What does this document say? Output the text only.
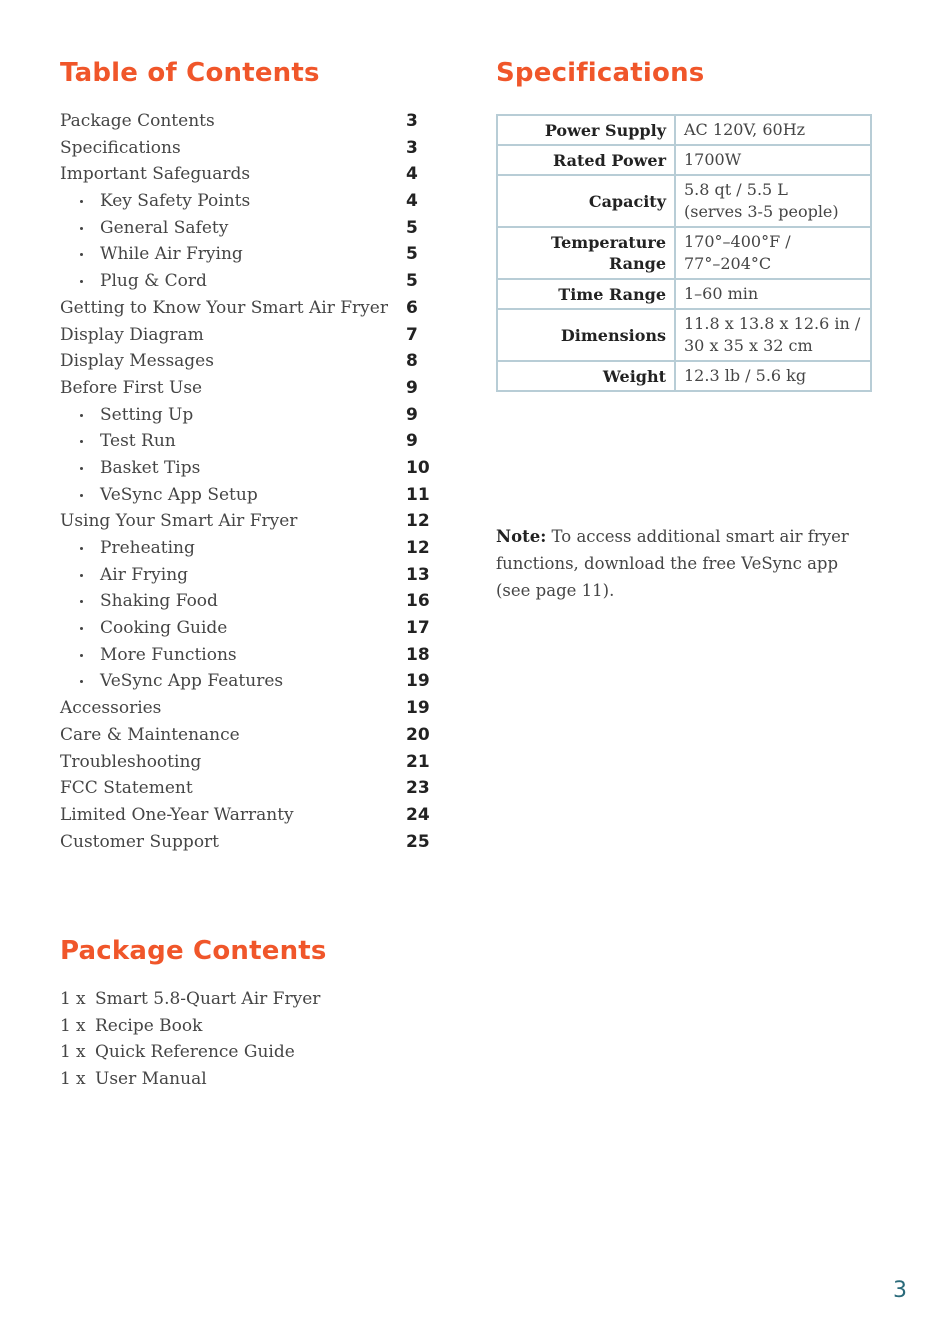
Table of Contents
Package Contents	3
Specifications	3
Important Safeguards	4
Key Safety Points	4
General Safety	5
While Air Frying	5
Plug & Cord	5
Getting to Know Your Smart Air Fryer 6
Display Diagram	7
Display Messages	8
Before First Use	9
Setting Up	9
Test Run	9
Basket Tips	10
VeSync App Setup	11
Using Your Smart Air Fryer	12
Preheating	12
Air Frying	13
Shaking Food	16
Cooking Guide	17
More Functions	18
VeSync App Features	19
Accessories	19
Care & Maintenance	20
Troubleshooting	21
FCC Statement	23
Limited One-Year Warranty	24
Customer Support	25
Specifications
Power Supply	AC 120V, 60Hz
Rated Power	1700W
Capacity	5.8 qt / 5.5 L
(serves 3-5 people)
Temperature
Range	170°–400°F /
77°–204°C
Time Range	1–60 min
Dimensions	11.8 x 13.8 x 12.6 in /
30 x 35 x 32 cm
Weight	12.3 lb / 5.6 kg

Note: To access additional smart air fryer functions, download the free VeSync app (see page 11).

Package Contents
1 x Smart 5.8-Quart Air Fryer
1 x Recipe Book
1 x Quick Reference Guide
1 x User Manual
3
